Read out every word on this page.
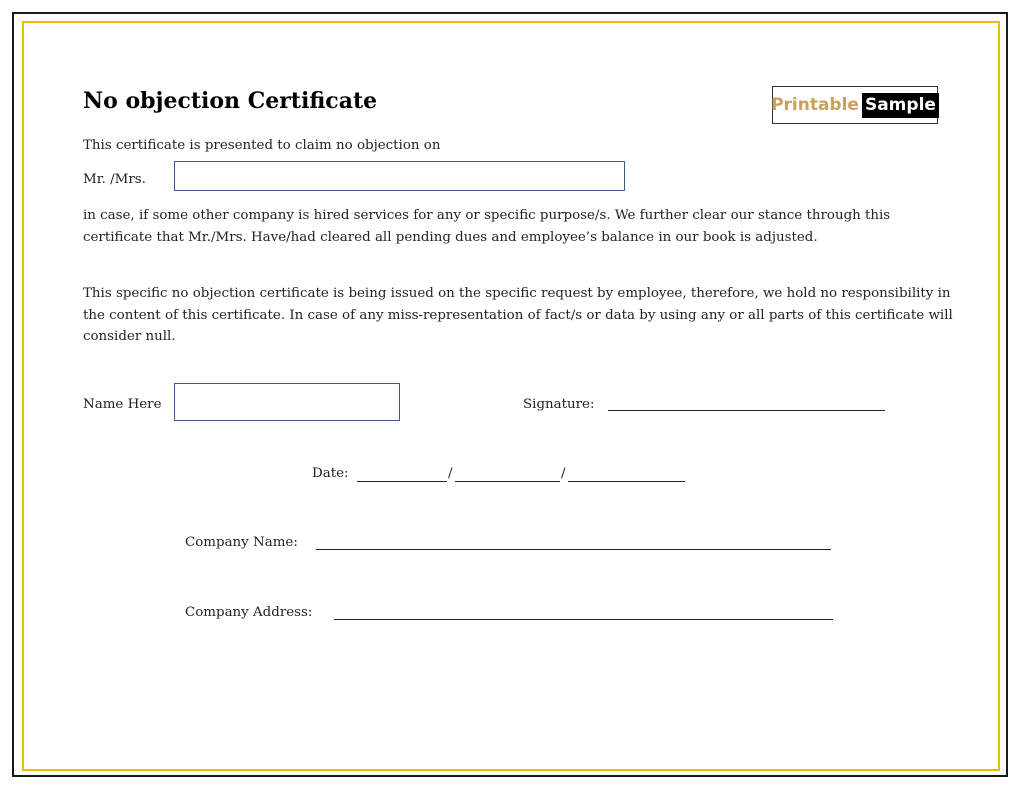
No objection Certificate	Printable Sample
This certificate is presented to claim no objection on
Mr. /Mrs.
in case, if some other company is hired services for any or specific purpose/s. We further clear our stance through this certificate that Mr./Mrs. Have/had cleared all pending dues and employee’s balance in our book is adjusted.
This specific no objection certificate is being issued on the specific request by employee, therefore, we hold no responsibility in the content of this certificate. In case of any miss-representation of fact/s or data by using any or all parts of this certificate will consider null.
Name Here	Signature:
Date:	/	/
Company Name:
Company Address:
